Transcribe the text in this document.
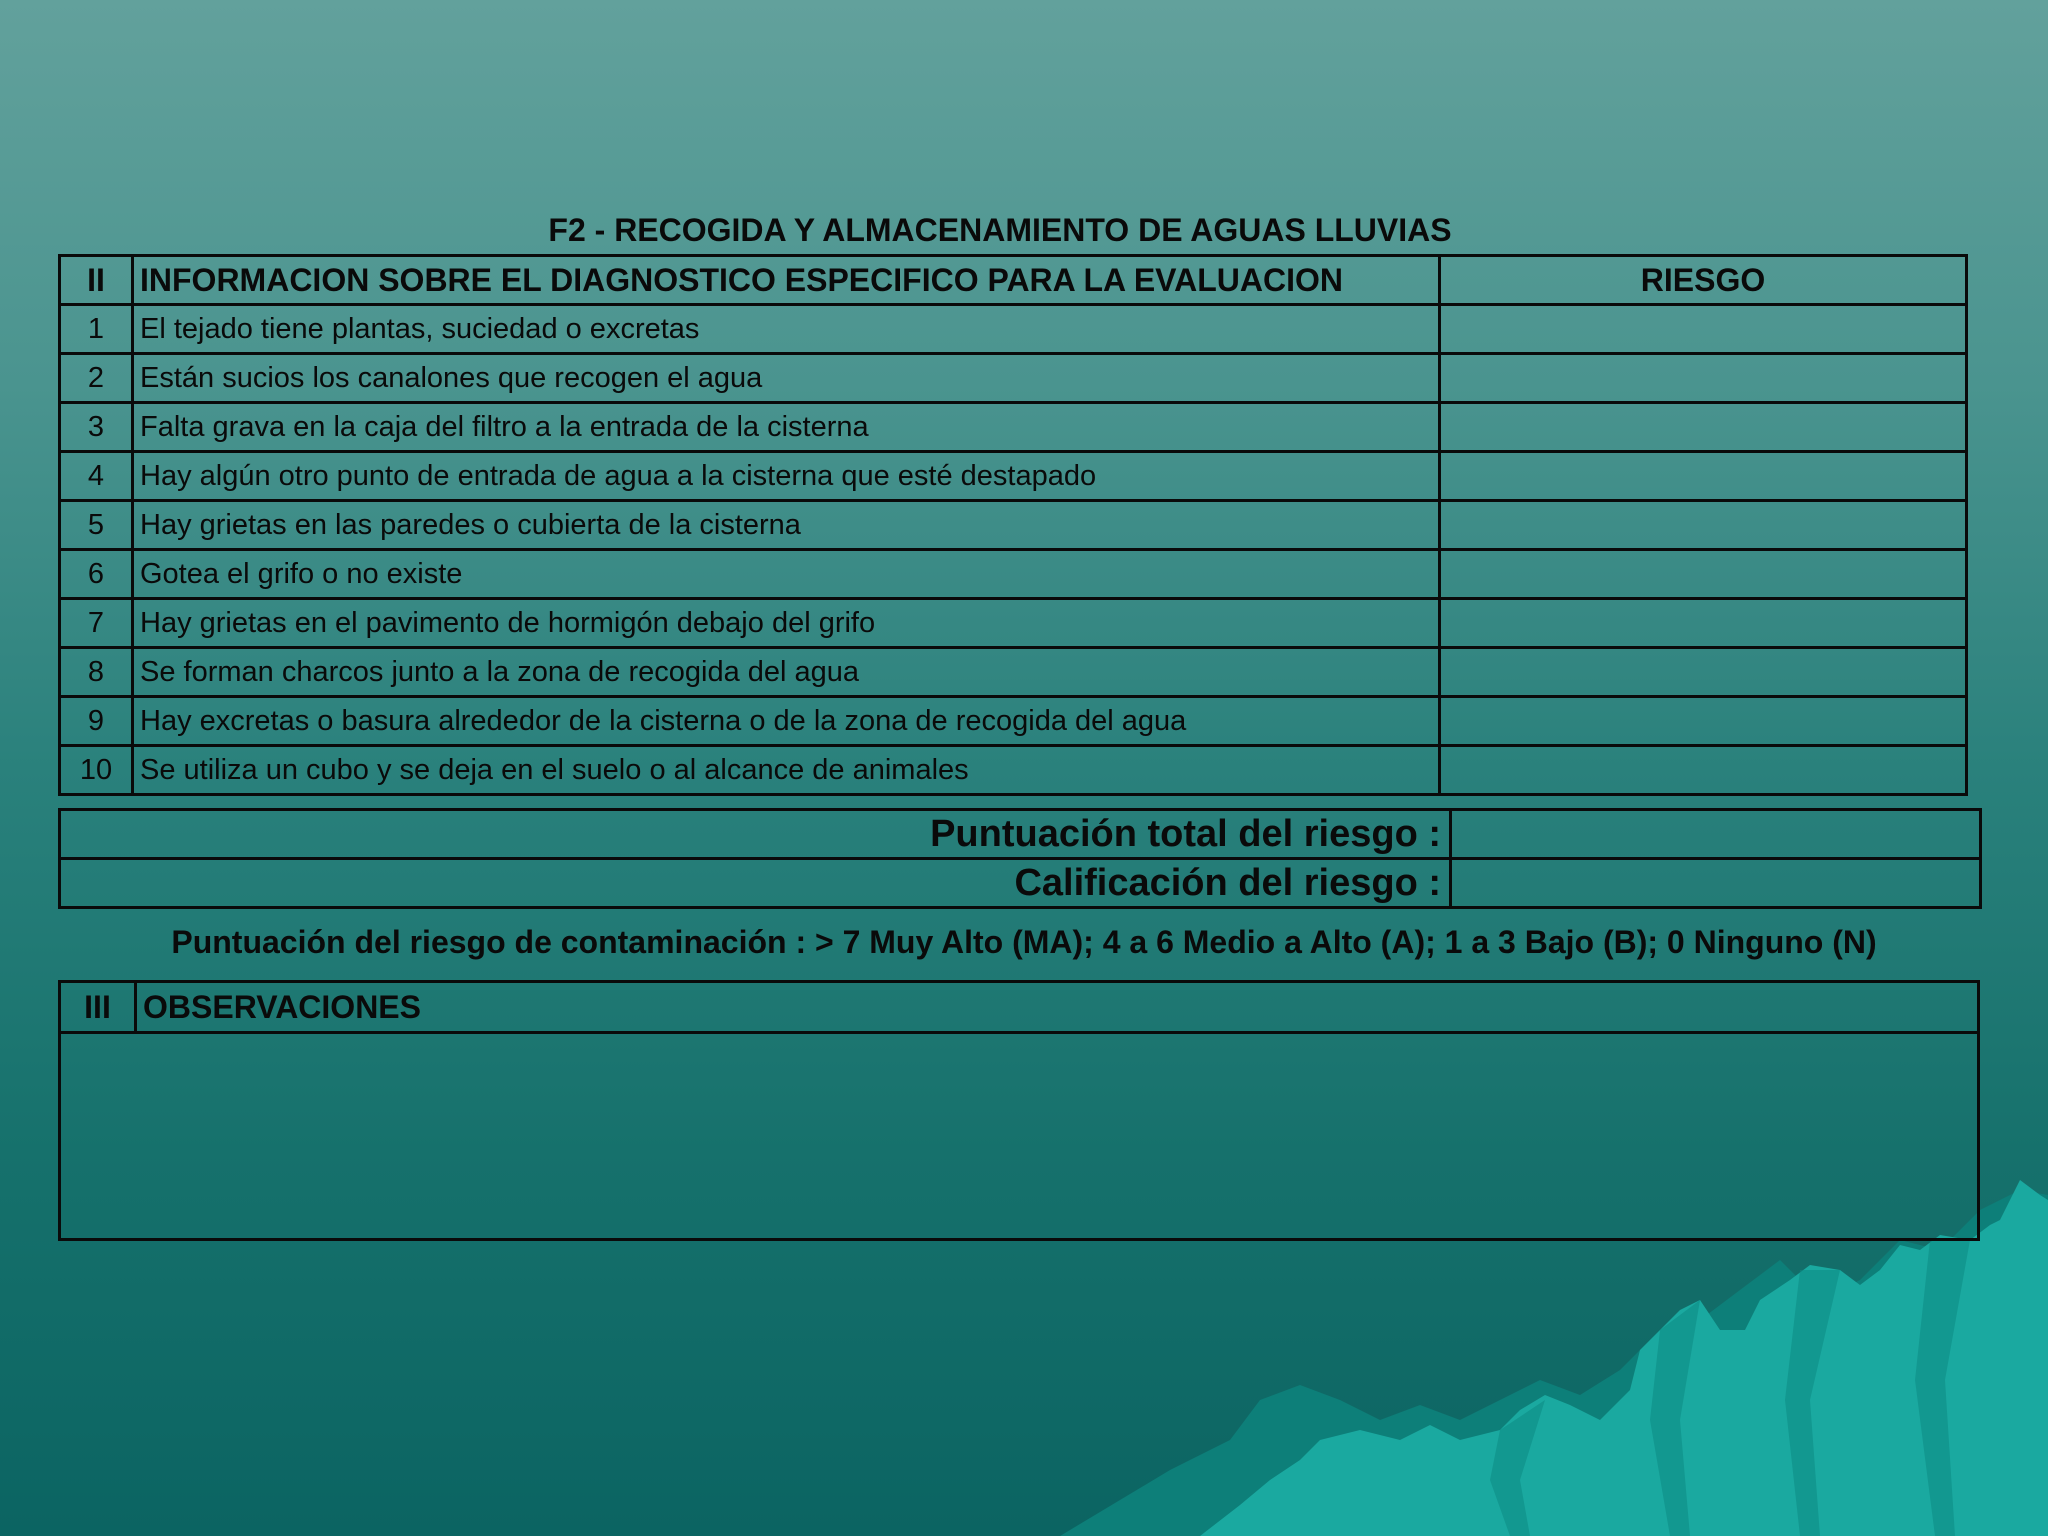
F2 - RECOGIDA Y ALMACENAMIENTO DE AGUAS LLUVIAS
II	INFORMACION SOBRE EL DIAGNOSTICO ESPECIFICO PARA LA EVALUACION	RIESGO
1	El tejado tiene plantas, suciedad o excretas	
2	Están sucios los canalones que recogen el agua	
3	Falta grava en la caja del filtro a la entrada de la cisterna	
4	Hay algún otro punto de entrada de agua a la cisterna que esté destapado	
5	Hay grietas en las paredes o cubierta de la cisterna	
6	Gotea el grifo o no existe	
7	Hay grietas en el pavimento de hormigón debajo del grifo	
8	Se forman charcos junto a la zona de recogida del agua	
9	Hay excretas o basura alrededor de la cisterna o de la zona de recogida del agua	
10	Se utiliza un cubo y se deja en el suelo o al alcance de animales	
Puntuación total del riesgo :	
Calificación del riesgo :	
Puntuación del riesgo de contaminación : > 7 Muy Alto (MA); 4 a 6 Medio a Alto (A); 1 a 3 Bajo (B); 0 Ninguno (N)
III	OBSERVACIONES
